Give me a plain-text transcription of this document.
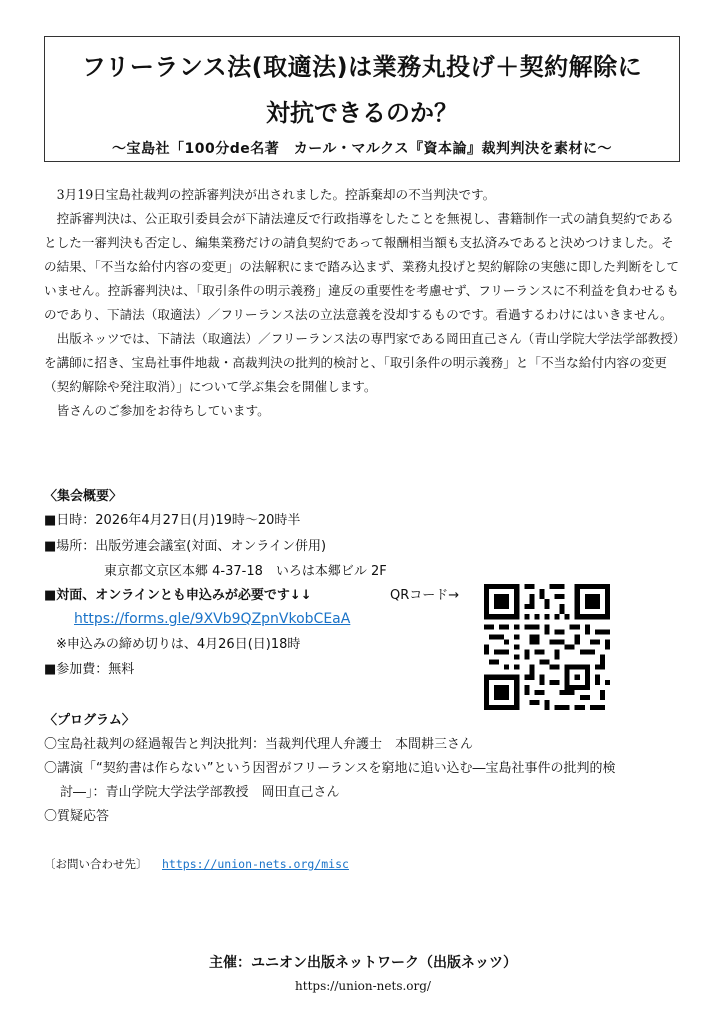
フリーランス法(取適法)は業務丸投げ＋契約解除に
対抗できるのか？
～宝島社「100分de名著　カール・マルクス『資本論』裁判判決を素材に～

3月19日宝島社裁判の控訴審判決が出されました。控訴棄却の不当判決です。

控訴審判決は、公正取引委員会が下請法違反で行政指導をしたことを無視し、書籍制作一式の請負契約であるとした一審判決も否定し、編集業務だけの請負契約であって報酬相当額も支払済みであると決めつけました。その結果、「不当な給付内容の変更」の法解釈にまで踏み込まず、業務丸投げと契約解除の実態に即した判断をしていません。控訴審判決は、「取引条件の明示義務」違反の重要性を考慮せず、フリーランスに不利益を負わせるものであり、下請法（取適法）／フリーランス法の立法意義を没却するものです。看過するわけにはいきません。

出版ネッツでは、下請法（取適法）／フリーランス法の専門家である岡田直己さん（青山学院大学法学部教授）を講師に招き、宝島社事件地裁・高裁判決の批判的検討と、「取引条件の明示義務」と「不当な給付内容の変更（契約解除や発注取消）」について学ぶ集会を開催します。

皆さんのご参加をお待ちしています。

〈集会概要〉
■日時：2026年4月27日(月)19時～20時半
■場所：出版労連会議室(対面、オンライン併用)
東京都文京区本郷 4-37-18　いろは本郷ビル 2F
■対面、オンラインとも申込みが必要です↓↓	QRコード→
https://forms.gle/9XVb9QZpnVkobCEaA
※申込みの締め切りは、4月26日(日)18時
■参加費：無料
〈プログラム〉
〇宝島社裁判の経過報告と判決批判：当裁判代理人弁護士　本間耕三さん
〇講演「“契約書は作らない”という因習がフリーランスを窮地に追い込む―宝島社事件の批判的検
討―」：青山学院大学法学部教授　岡田直己さん
〇質疑応答
〔お問い合わせ先〕 https://union-nets.org/misc
主催：ユニオン出版ネットワーク（出版ネッツ）
https://union-nets.org/
